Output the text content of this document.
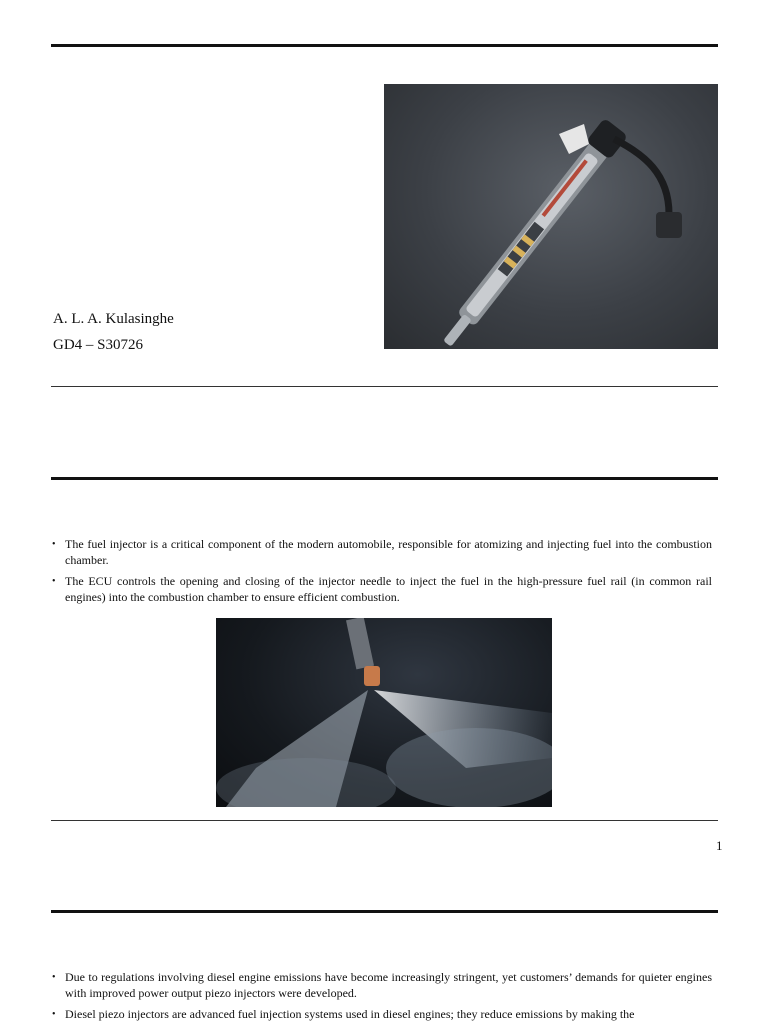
A. L. A. Kulasinghe
GD4 – S30726
• The fuel injector is a critical component of the modern automobile, responsible for atomizing and injecting fuel into the combustion chamber.
• The ECU controls the opening and closing of the injector needle to inject the fuel in the high-pressure fuel rail (in common rail engines) into the combustion chamber to ensure efficient combustion.
1
• Due to regulations involving diesel engine emissions have become increasingly stringent, yet customers’ demands for quieter engines with improved power output piezo injectors were developed.
• Diesel piezo injectors are advanced fuel injection systems used in diesel engines; they reduce emissions by making the
